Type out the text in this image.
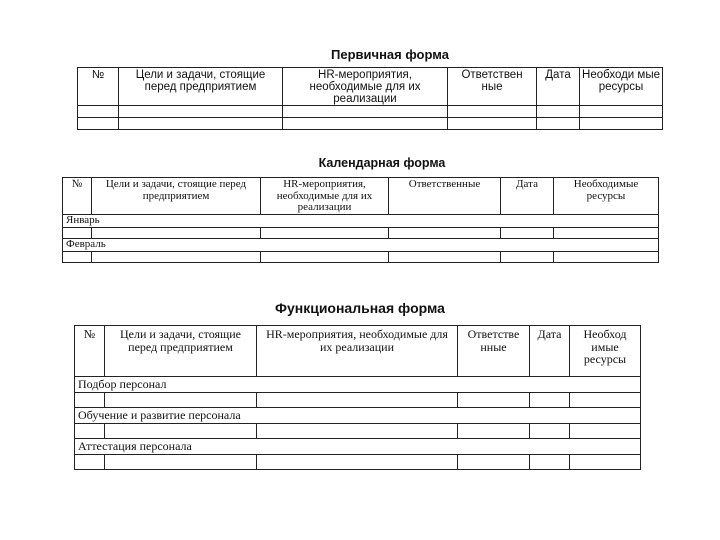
Первичная форма
№	Цели и задачи, стоящие перед предприятием	HR-мероприятия, необходимые для их реализации	Ответствен ные	Дата	Необходи мые ресурсы

Календарная форма
№	Цели и задачи, стоящие перед предприятием	HR-мероприятия, необходимые для их реализации	Ответственные	Дата	Необходимые ресурсы
Январь					

Февраль					

Функциональная форма
№	Цели и задачи, стоящие перед предприятием	HR-мероприятия, необходимые для их реализации	Ответстве нные	Дата	Необход имые ресурсы
Подбор персонал					

Обучение и развитие персонала					

Аттестация персонала					
